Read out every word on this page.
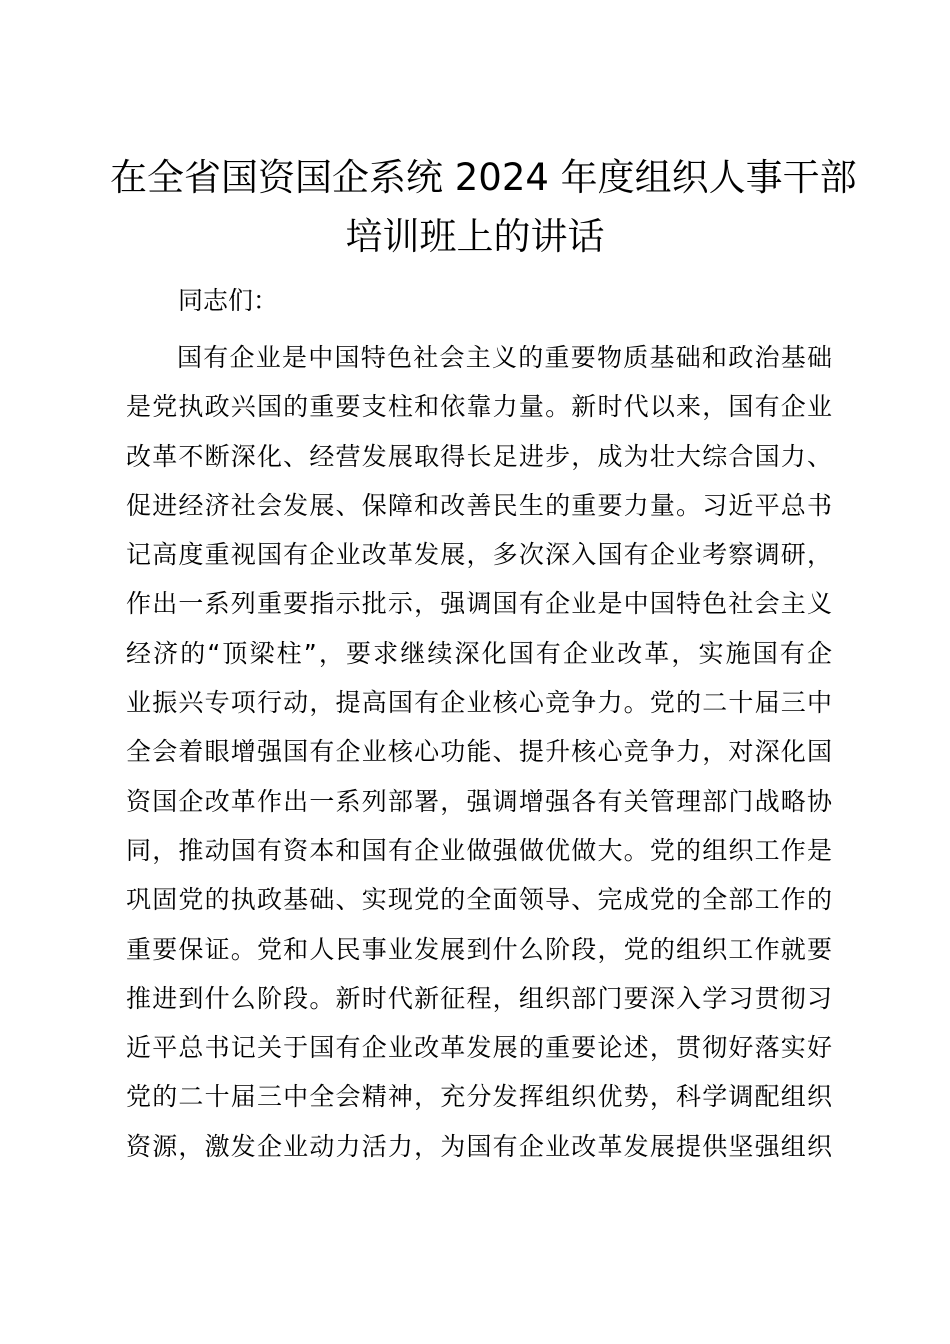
在全省国资国企系统 2024 年度组织人事干部
培训班上的讲话
同志们：
国有企业是中国特色社会主义的重要物质基础和政治基础
是党执政兴国的重要支柱和依靠力量。新时代以来，国有企业
改革不断深化、经营发展取得长足进步，成为壮大综合国力、
促进经济社会发展、保障和改善民生的重要力量。习近平总书
记高度重视国有企业改革发展，多次深入国有企业考察调研，
作出一系列重要指示批示，强调国有企业是中国特色社会主义
经济的“顶梁柱”，要求继续深化国有企业改革，实施国有企
业振兴专项行动，提高国有企业核心竞争力。党的二十届三中
全会着眼增强国有企业核心功能、提升核心竞争力，对深化国
资国企改革作出一系列部署，强调增强各有关管理部门战略协
同，推动国有资本和国有企业做强做优做大。党的组织工作是
巩固党的执政基础、实现党的全面领导、完成党的全部工作的
重要保证。党和人民事业发展到什么阶段，党的组织工作就要
推进到什么阶段。新时代新征程，组织部门要深入学习贯彻习
近平总书记关于国有企业改革发展的重要论述，贯彻好落实好
党的二十届三中全会精神，充分发挥组织优势，科学调配组织
资源，激发企业动力活力，为国有企业改革发展提供坚强组织
